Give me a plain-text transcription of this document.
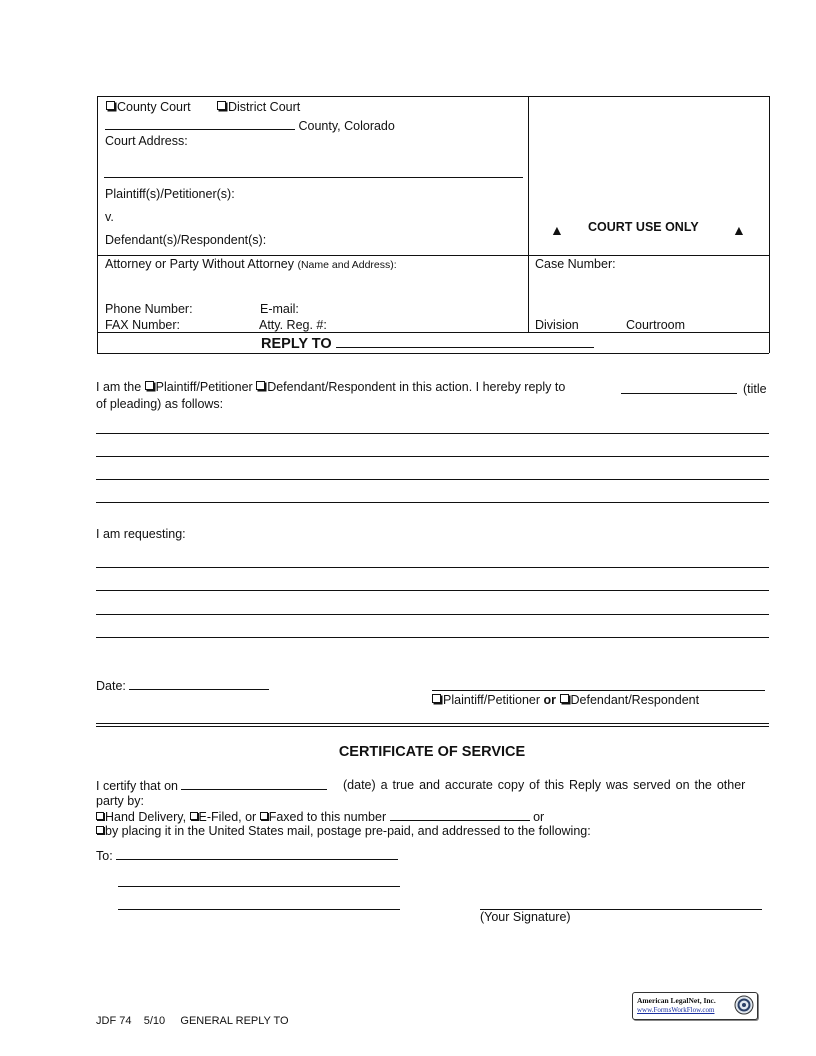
County Court	District Court
County, Colorado
Court Address:
Plaintiff(s)/Petitioner(s):
v.
Defendant(s)/Respondent(s):
▲ COURT USE ONLY ▲
Attorney or Party Without Attorney (Name and Address):	Case Number:
Phone Number:	E-mail:
FAX Number:	Atty. Reg. #:	Division	Courtroom
REPLY TO
I am the Plaintiff/Petitioner Defendant/Respondent in this action. I hereby reply to	(title
of pleading) as follows:
I am requesting:
Date:
Plaintiff/Petitioner or Defendant/Respondent
CERTIFICATE OF SERVICE
I certify that on	(date) a true and accurate copy of this Reply was served on the other
party by:
Hand Delivery, E-Filed, or Faxed to this number	or
by placing it in the United States mail, postage pre-paid, and addressed to the following:
To:
(Your Signature)
JDF 74 5/10 GENERAL REPLY TO
American LegalNet, Inc.
www.FormsWorkFlow.com
